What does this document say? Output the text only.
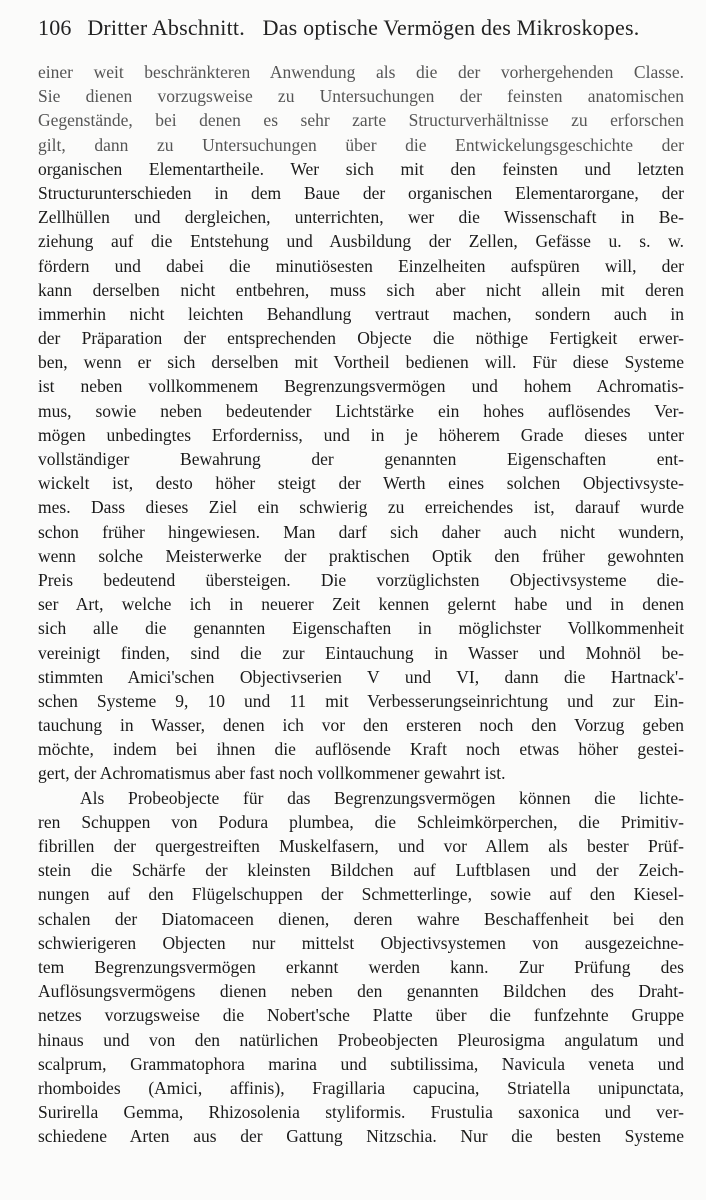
106 Dritter Abschnitt. Das optische Vermögen des Mikroskopes.
einer weit beschränkteren Anwendung als die der vorhergehenden Classe.
Sie dienen vorzugsweise zu Untersuchungen der feinsten anatomischen
Gegenstände, bei denen es sehr zarte Structurverhältnisse zu erforschen
gilt, dann zu Untersuchungen über die Entwickelungsgeschichte der
organischen Elementartheile. Wer sich mit den feinsten und letzten
Structurunterschieden in dem Baue der organischen Elementarorgane, der
Zellhüllen und dergleichen, unterrichten, wer die Wissenschaft in Be-
ziehung auf die Entstehung und Ausbildung der Zellen, Gefässe u. s. w.
fördern und dabei die minutiösesten Einzelheiten aufspüren will, der
kann derselben nicht entbehren, muss sich aber nicht allein mit deren
immerhin nicht leichten Behandlung vertraut machen, sondern auch in
der Präparation der entsprechenden Objecte die nöthige Fertigkeit erwer-
ben, wenn er sich derselben mit Vortheil bedienen will. Für diese Systeme
ist neben vollkommenem Begrenzungsvermögen und hohem Achromatis-
mus, sowie neben bedeutender Lichtstärke ein hohes auflösendes Ver-
mögen unbedingtes Erforderniss, und in je höherem Grade dieses unter
vollständiger Bewahrung der genannten Eigenschaften ent-
wickelt ist, desto höher steigt der Werth eines solchen Objectivsyste-
mes. Dass dieses Ziel ein schwierig zu erreichendes ist, darauf wurde
schon früher hingewiesen. Man darf sich daher auch nicht wundern,
wenn solche Meisterwerke der praktischen Optik den früher gewohnten
Preis bedeutend übersteigen. Die vorzüglichsten Objectivsysteme die-
ser Art, welche ich in neuerer Zeit kennen gelernt habe und in denen
sich alle die genannten Eigenschaften in möglichster Vollkommenheit
vereinigt finden, sind die zur Eintauchung in Wasser und Mohnöl be-
stimmten Amici'schen Objectivserien V und VI, dann die Hartnack'-
schen Systeme 9, 10 und 11 mit Verbesserungseinrichtung und zur Ein-
tauchung in Wasser, denen ich vor den ersteren noch den Vorzug geben
möchte, indem bei ihnen die auflösende Kraft noch etwas höher gestei-
gert, der Achromatismus aber fast noch vollkommener gewahrt ist.
Als Probeobjecte für das Begrenzungsvermögen können die lichte-
ren Schuppen von Podura plumbea, die Schleimkörperchen, die Primitiv-
fibrillen der quergestreiften Muskelfasern, und vor Allem als bester Prüf-
stein die Schärfe der kleinsten Bildchen auf Luftblasen und der Zeich-
nungen auf den Flügelschuppen der Schmetterlinge, sowie auf den Kiesel-
schalen der Diatomaceen dienen, deren wahre Beschaffenheit bei den
schwierigeren Objecten nur mittelst Objectivsystemen von ausgezeichne-
tem Begrenzungsvermögen erkannt werden kann. Zur Prüfung des
Auflösungsvermögens dienen neben den genannten Bildchen des Draht-
netzes vorzugsweise die Nobert'sche Platte über die funfzehnte Gruppe
hinaus und von den natürlichen Probeobjecten Pleurosigma angulatum und
scalprum, Grammatophora marina und subtilissima, Navicula veneta und
rhomboides (Amici, affinis), Fragillaria capucina, Striatella unipunctata,
Surirella Gemma, Rhizosolenia styliformis. Frustulia saxonica und ver-
schiedene Arten aus der Gattung Nitzschia. Nur die besten Systeme
